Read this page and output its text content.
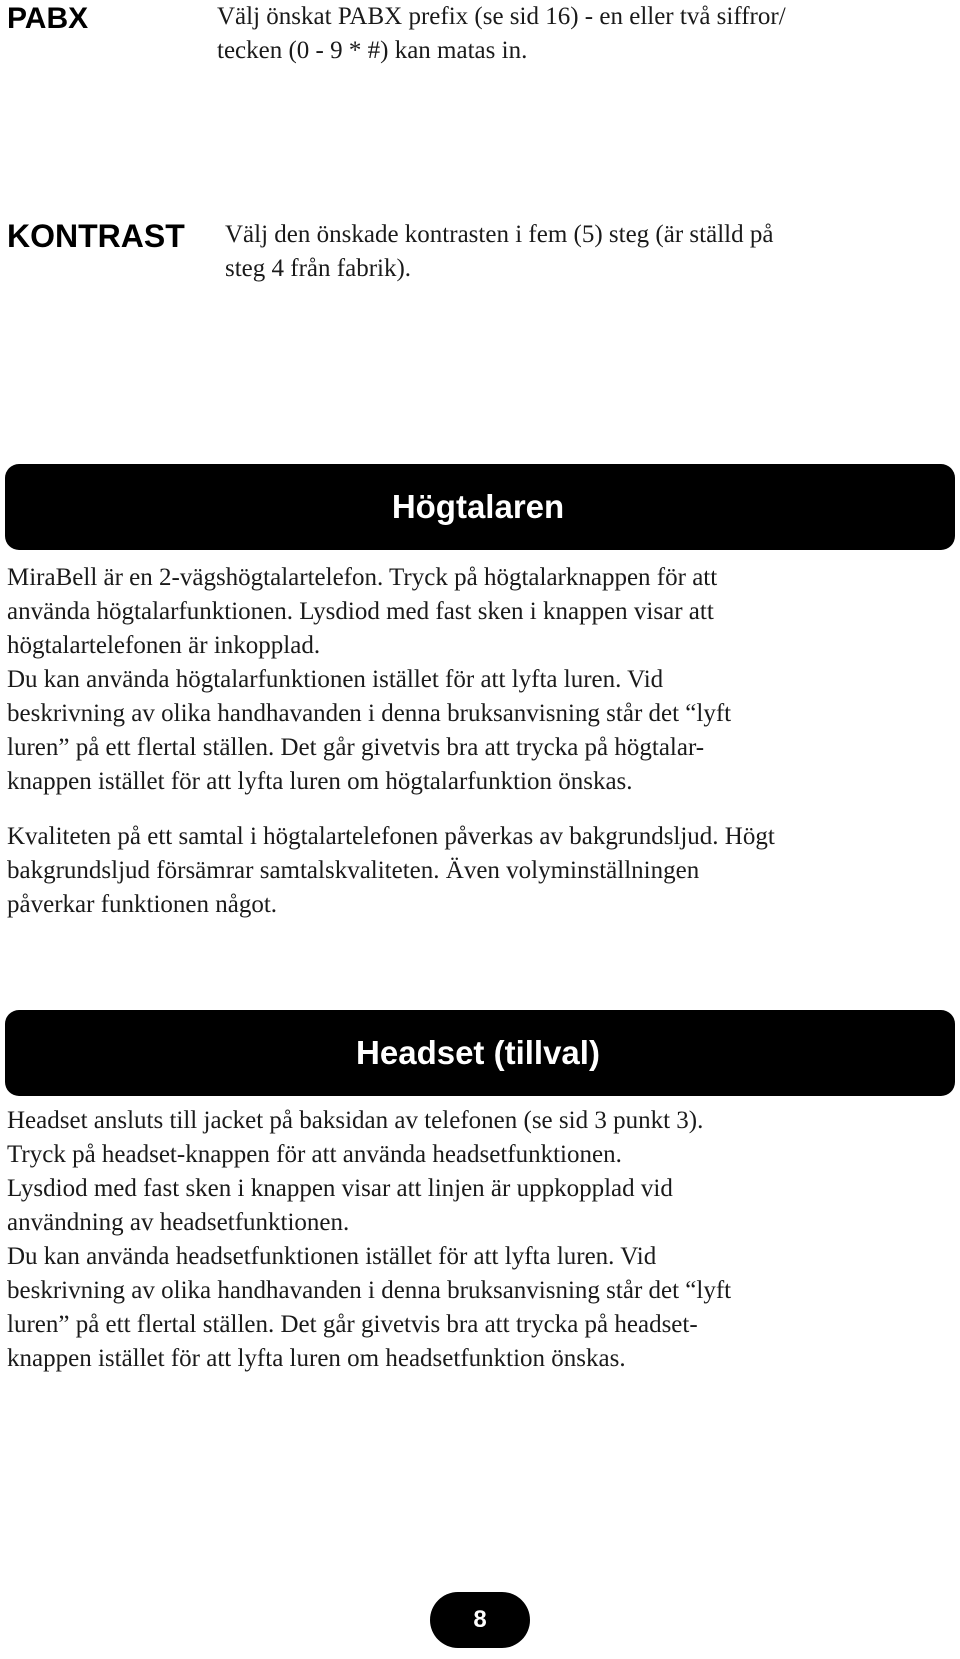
PABX	Välj önskat PABX prefix (se sid 16) - en eller två siffror/
tecken (0 - 9 * #) kan matas in.
KONTRAST Välj den önskade kontrasten i fem (5) steg (är ställd på
steg 4 från fabrik).
Högtalaren

MiraBell är en 2-vägshögtalartelefon. Tryck på högtalarknappen för att
använda högtalarfunktionen. Lysdiod med fast sken i knappen visar att
högtalartelefonen är inkopplad.
Du kan använda högtalarfunktionen istället för att lyfta luren. Vid
beskrivning av olika handhavanden i denna bruksanvisning står det “lyft
luren” på ett flertal ställen. Det går givetvis bra att trycka på högtalar-
knappen istället för att lyfta luren om högtalarfunktion önskas.

Kvaliteten på ett samtal i högtalartelefonen påverkas av bakgrundsljud. Högt
bakgrundsljud försämrar samtalskvaliteten. Även volyminställningen
påverkar funktionen något.

Headset (tillval)

Headset ansluts till jacket på baksidan av telefonen (se sid 3 punkt 3).
Tryck på headset-knappen för att använda headsetfunktionen.
Lysdiod med fast sken i knappen visar att linjen är uppkopplad vid
användning av headsetfunktionen.
Du kan använda headsetfunktionen istället för att lyfta luren. Vid
beskrivning av olika handhavanden i denna bruksanvisning står det “lyft
luren” på ett flertal ställen. Det går givetvis bra att trycka på headset-
knappen istället för att lyfta luren om headsetfunktion önskas.

8
